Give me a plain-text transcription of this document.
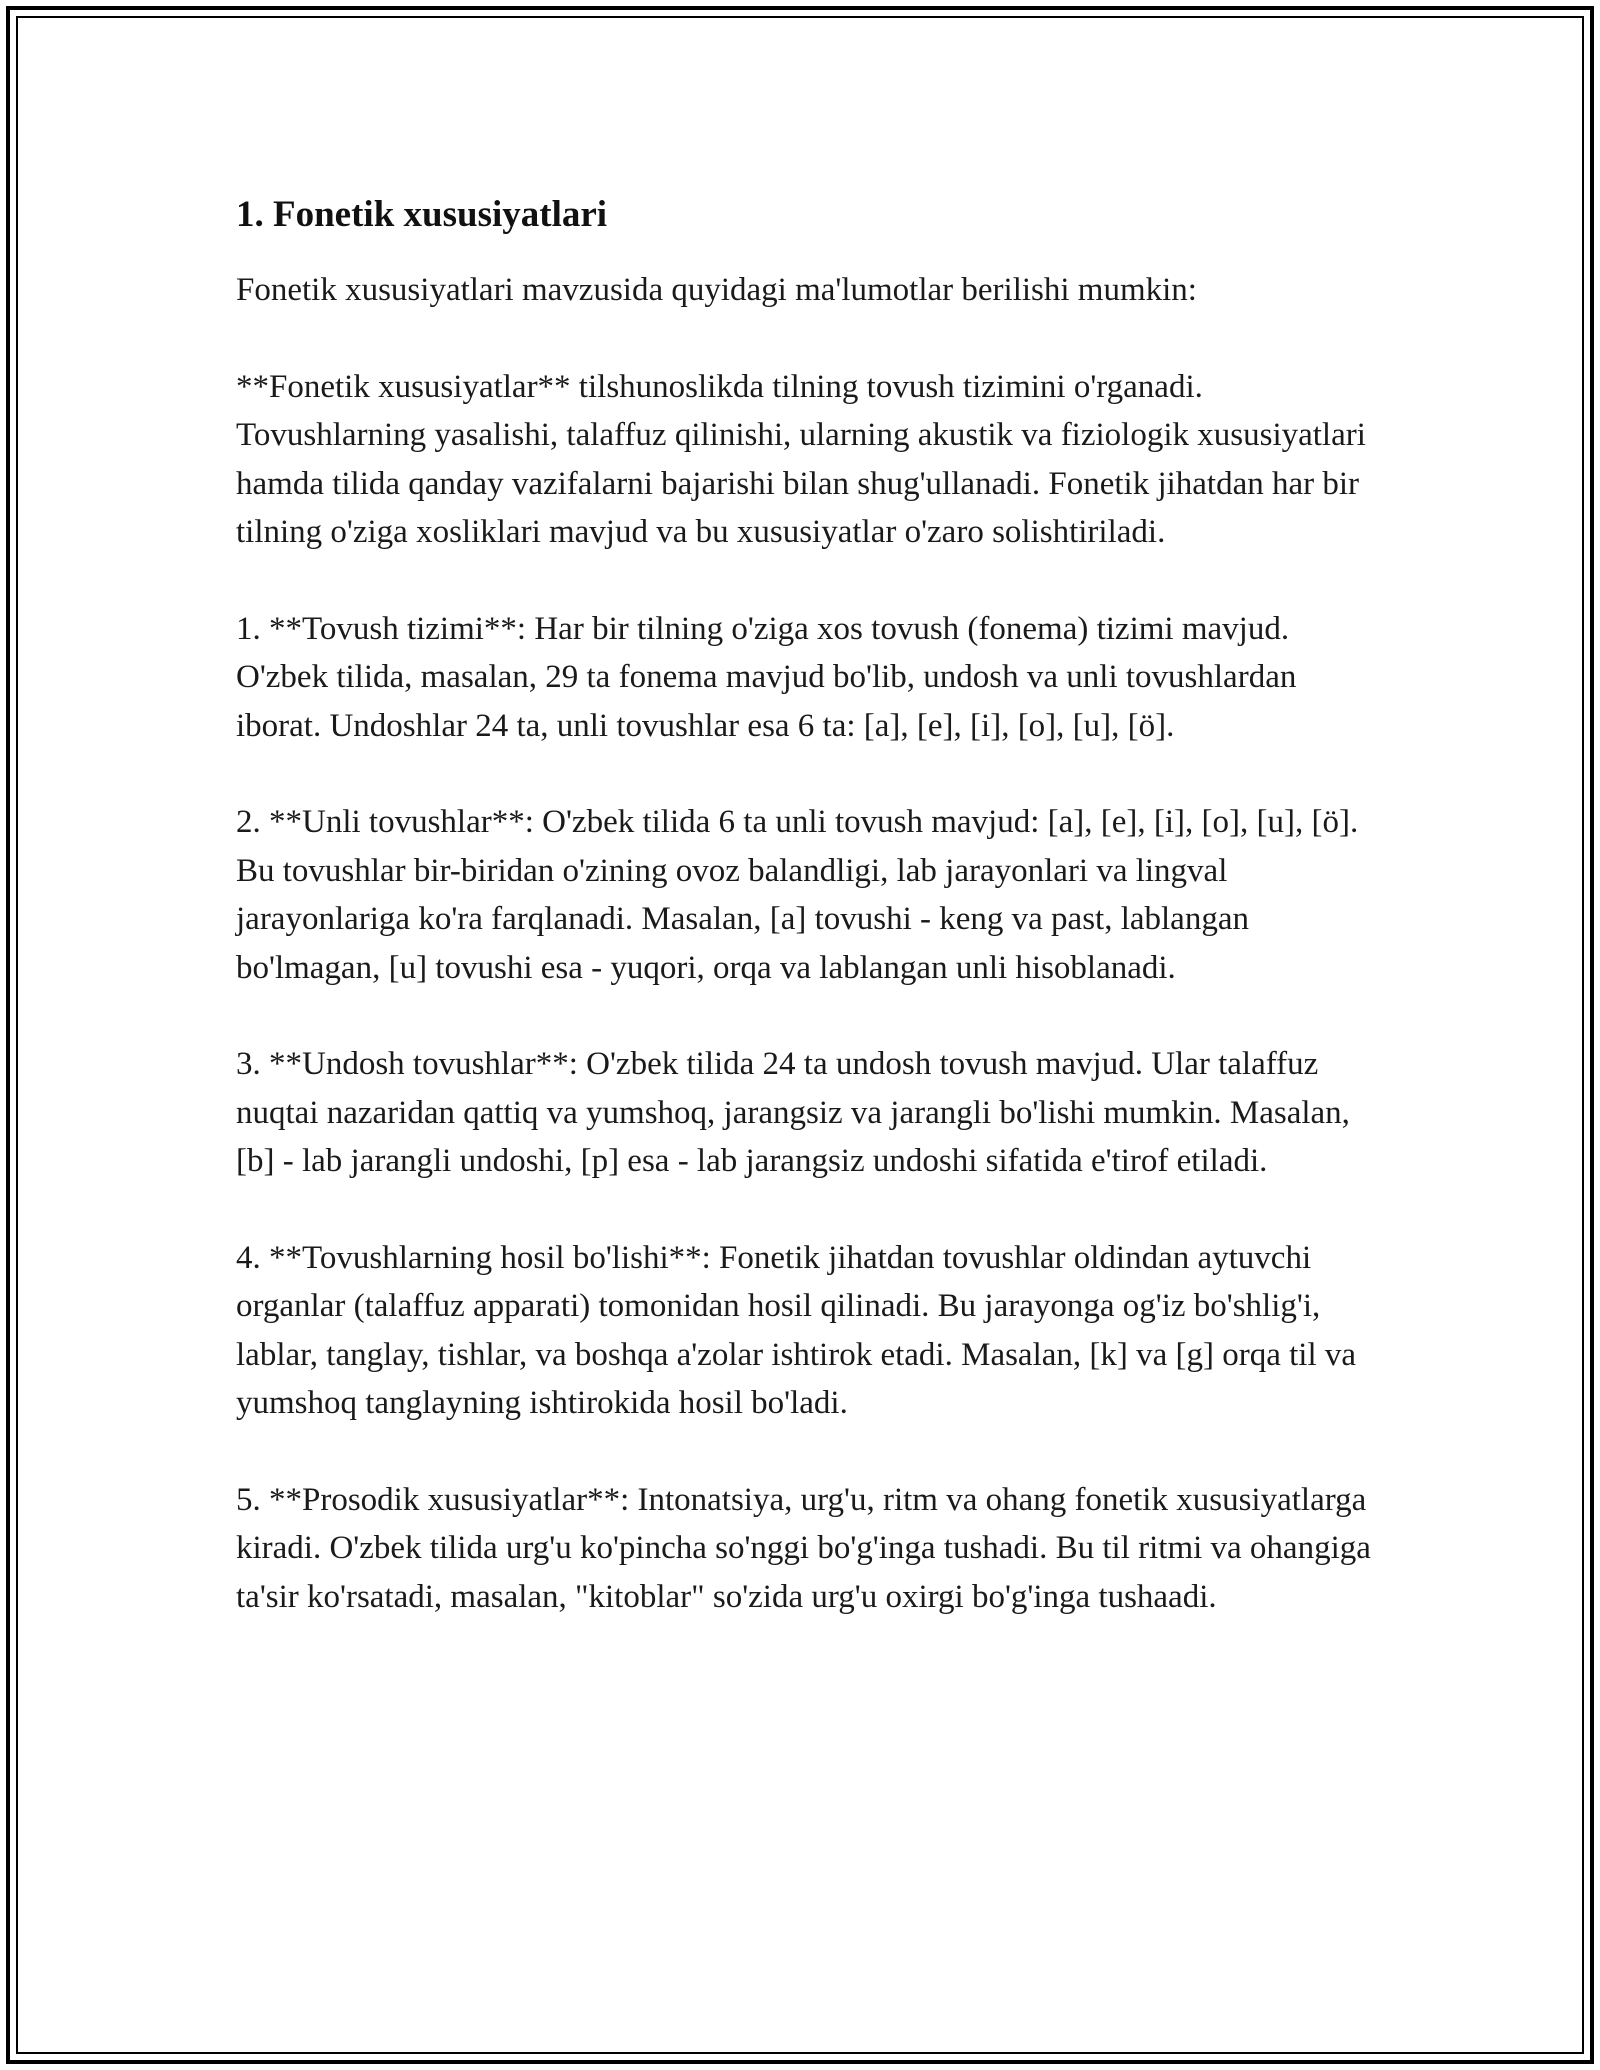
1. Fonetik xususiyatlari

Fonetik xususiyatlari mavzusida quyidagi ma'lumotlar berilishi mumkin:

**Fonetik xususiyatlar** tilshunoslikda tilning tovush tizimini o'rganadi. Tovushlarning yasalishi, talaffuz qilinishi, ularning akustik va fiziologik xususiyatlari hamda tilida qanday vazifalarni bajarishi bilan shug'ullanadi. Fonetik jihatdan har bir tilning o'ziga xosliklari mavjud va bu xususiyatlar o'zaro solishtiriladi.

1. **Tovush tizimi**: Har bir tilning o'ziga xos tovush (fonema) tizimi mavjud. O'zbek tilida, masalan, 29 ta fonema mavjud bo'lib, undosh va unli tovushlardan iborat. Undoshlar 24 ta, unli tovushlar esa 6 ta: [a], [e], [i], [o], [u], [ö].

2. **Unli tovushlar**: O'zbek tilida 6 ta unli tovush mavjud: [a], [e], [i], [o], [u], [ö]. Bu tovushlar bir-biridan o'zining ovoz balandligi, lab jarayonlari va lingval jarayonlariga ko'ra farqlanadi. Masalan, [a] tovushi - keng va past, lablangan bo'lmagan, [u] tovushi esa - yuqori, orqa va lablangan unli hisoblanadi.

3. **Undosh tovushlar**: O'zbek tilida 24 ta undosh tovush mavjud. Ular talaffuz nuqtai nazaridan qattiq va yumshoq, jarangsiz va jarangli bo'lishi mumkin. Masalan, [b] - lab jarangli undoshi, [p] esa - lab jarangsiz undoshi sifatida e'tirof etiladi.

4. **Tovushlarning hosil bo'lishi**: Fonetik jihatdan tovushlar oldindan aytuvchi organlar (talaffuz apparati) tomonidan hosil qilinadi. Bu jarayonga og'iz bo'shlig'i, lablar, tanglay, tishlar, va boshqa a'zolar ishtirok etadi. Masalan, [k] va [g] orqa til va yumshoq tanglayning ishtirokida hosil bo'ladi.

5. **Prosodik xususiyatlar**: Intonatsiya, urg'u, ritm va ohang fonetik xususiyatlarga kiradi. O'zbek tilida urg'u ko'pincha so'nggi bo'g'inga tushadi. Bu til ritmi va ohangiga ta'sir ko'rsatadi, masalan, "kitoblar" so'zida urg'u oxirgi bo'g'inga tushaadi.
